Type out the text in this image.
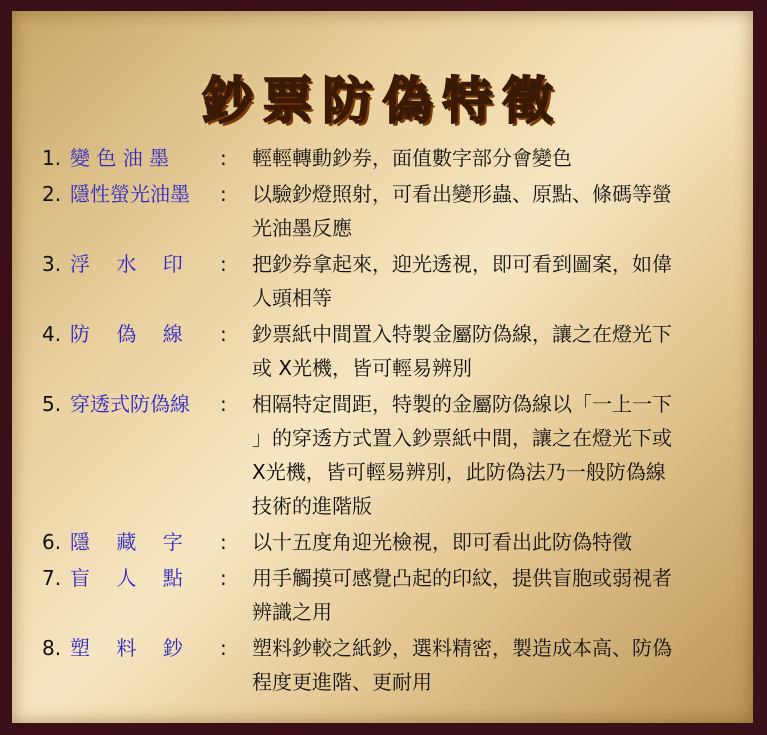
鈔票防偽特徵
1. 變 色 油 墨	: 輕輕轉動鈔券，面值數字部分會變色
2. 隱性螢光油墨 : 以驗鈔燈照射，可看出變形蟲、原點、條碼等螢
光油墨反應
3. 浮　 水　 印 : 把鈔券拿起來，迎光透視，即可看到圖案，如偉
人頭相等
4. 防　 偽　 線 : 鈔票紙中間置入特製金屬防偽線，讓之在燈光下
或 X光機，皆可輕易辨別
5. 穿透式防偽線 : 相隔特定間距，特製的金屬防偽線以「一上一下
」的穿透方式置入鈔票紙中間，讓之在燈光下或
X光機，皆可輕易辨別，此防偽法乃一般防偽線
技術的進階版
6. 隱　 藏　 字 : 以十五度角迎光檢視，即可看出此防偽特徵
7. 盲　 人　 點 : 用手觸摸可感覺凸起的印紋，提供盲胞或弱視者
辨識之用
8. 塑　 料　 鈔 : 塑料鈔較之紙鈔，選料精密，製造成本高、防偽
程度更進階、更耐用
